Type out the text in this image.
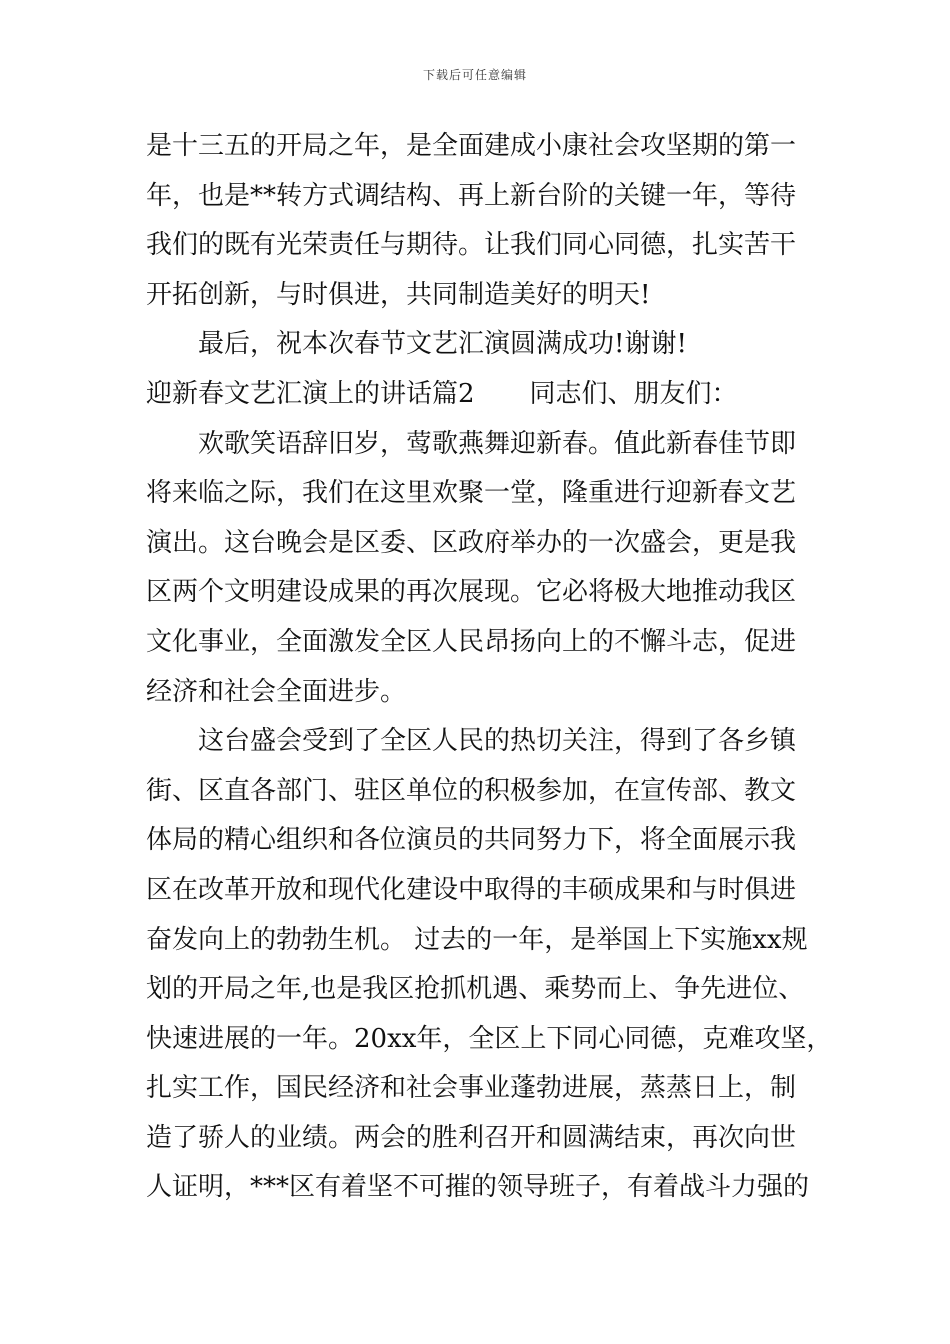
下载后可任意编辑
是十三五的开局之年，是全面建成小康社会攻坚期的第一
年，也是**转方式调结构、再上新台阶的关键一年，等待
我们的既有光荣责任与期待。让我们同心同德，扎实苦干
开拓创新，与时俱进，共同制造美好的明天!
最后，祝本次春节文艺汇演圆满成功!谢谢!
迎新春文艺汇演上的讲话篇2 同志们、朋友们：
欢歌笑语辞旧岁，莺歌燕舞迎新春。值此新春佳节即
将来临之际，我们在这里欢聚一堂，隆重进行迎新春文艺
演出。这台晚会是区委、区政府举办的一次盛会，更是我
区两个文明建设成果的再次展现。它必将极大地推动我区
文化事业，全面激发全区人民昂扬向上的不懈斗志，促进
经济和社会全面进步。
这台盛会受到了全区人民的热切关注，得到了各乡镇
街、区直各部门、驻区单位的积极参加，在宣传部、教文
体局的精心组织和各位演员的共同努力下，将全面展示我
区在改革开放和现代化建设中取得的丰硕成果和与时俱进
奋发向上的勃勃生机。 过去的一年，是举国上下实施xx规
划的开局之年,也是我区抢抓机遇、乘势而上、争先进位、
快速进展的一年。20xx年，全区上下同心同德，克难攻坚，
扎实工作，国民经济和社会事业蓬勃进展，蒸蒸日上，制
造了骄人的业绩。两会的胜利召开和圆满结束，再次向世
人证明，***区有着坚不可摧的领导班子，有着战斗力强的
